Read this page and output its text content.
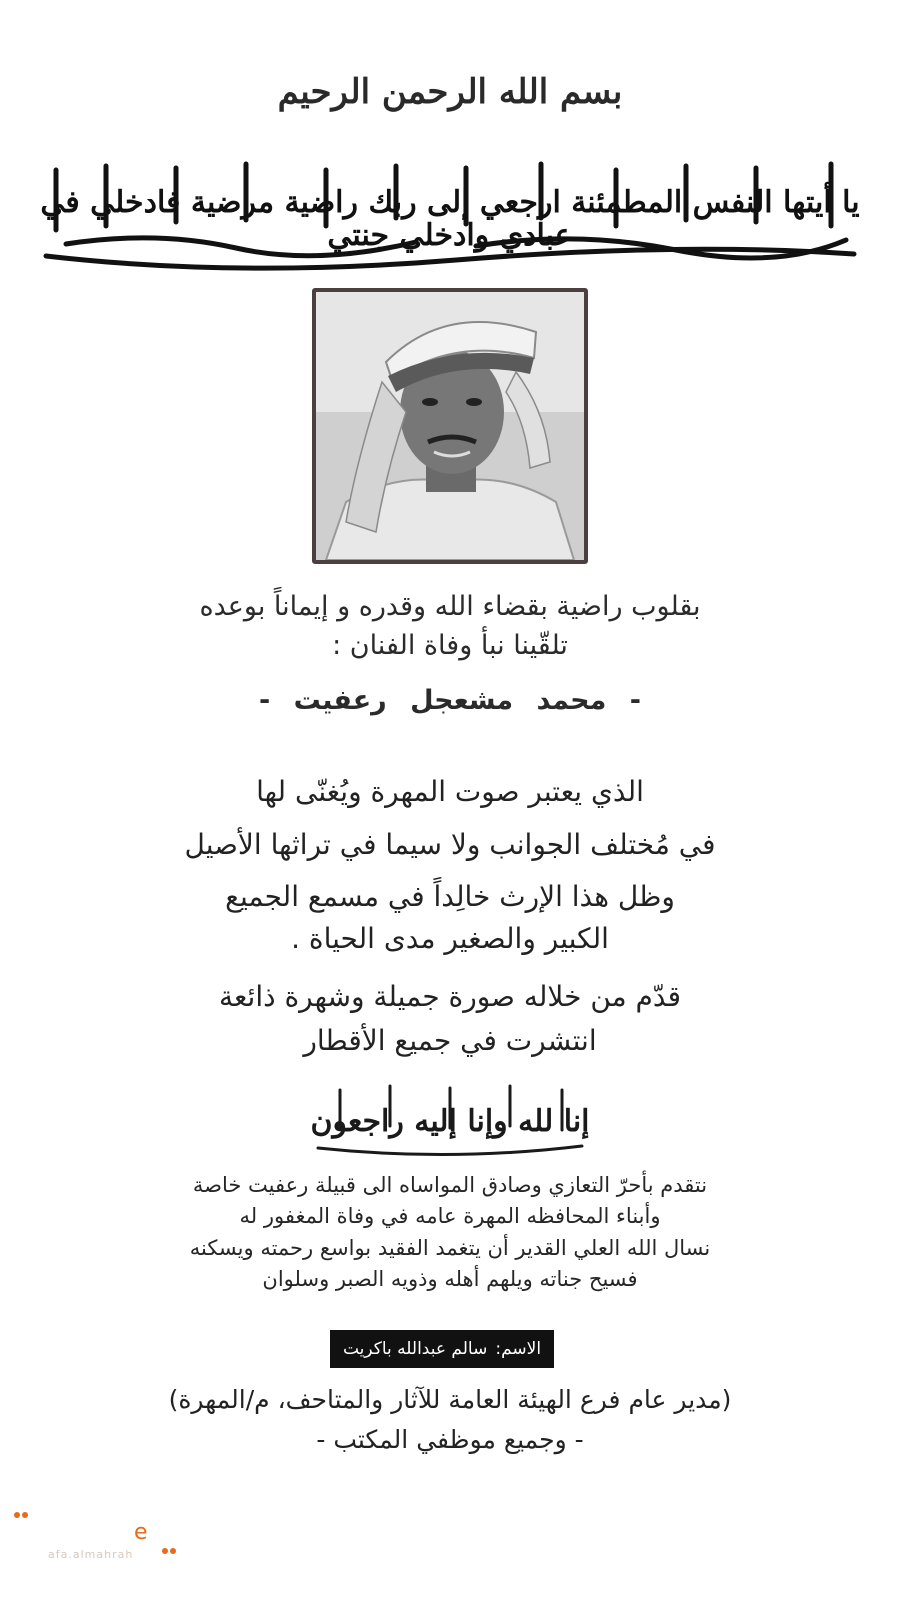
بسم الله الرحمن الرحيم
يا أيتها النفس المطمئنة ارجعي إلى ربك راضية مرضية فادخلي في عبادي وادخلي جنتي
بقلوب راضية بقضاء الله وقدره و إيماناً بوعده
تلقّينا نبأ وفاة الفنان :
- محمد مشعجل رعفيت -
الذي يعتبر صوت المهرة ويُغنّى لها
في مُختلف الجوانب ولا سيما في تراثها الأصيل
وظل هذا الإرث خالِداً في مسمع الجميع
الكبير والصغير مدى الحياة .
قدّم من خلاله صورة جميلة وشهرة ذائعة
انتشرت في جميع الأقطار
إنا لله وإنا إليه راجعون
نتقدم بأحرّ التعازي وصادق المواساه الى قبيلة رعفيت خاصة
وأبناء المحافظه المهرة عامه في وفاة المغفور له
نسال الله العلي القدير أن يتغمد الفقيد بواسع رحمته ويسكنه
فسيح جناته ويلهم أهله وذويه الصبر وسلوان
الاسم:
سالم عبدالله باكريت
(مدير عام فرع الهيئة العامة للآثار والمتاحف، م/المهرة)
- وجميع موظفي المكتب -
e
afa.almahrah
